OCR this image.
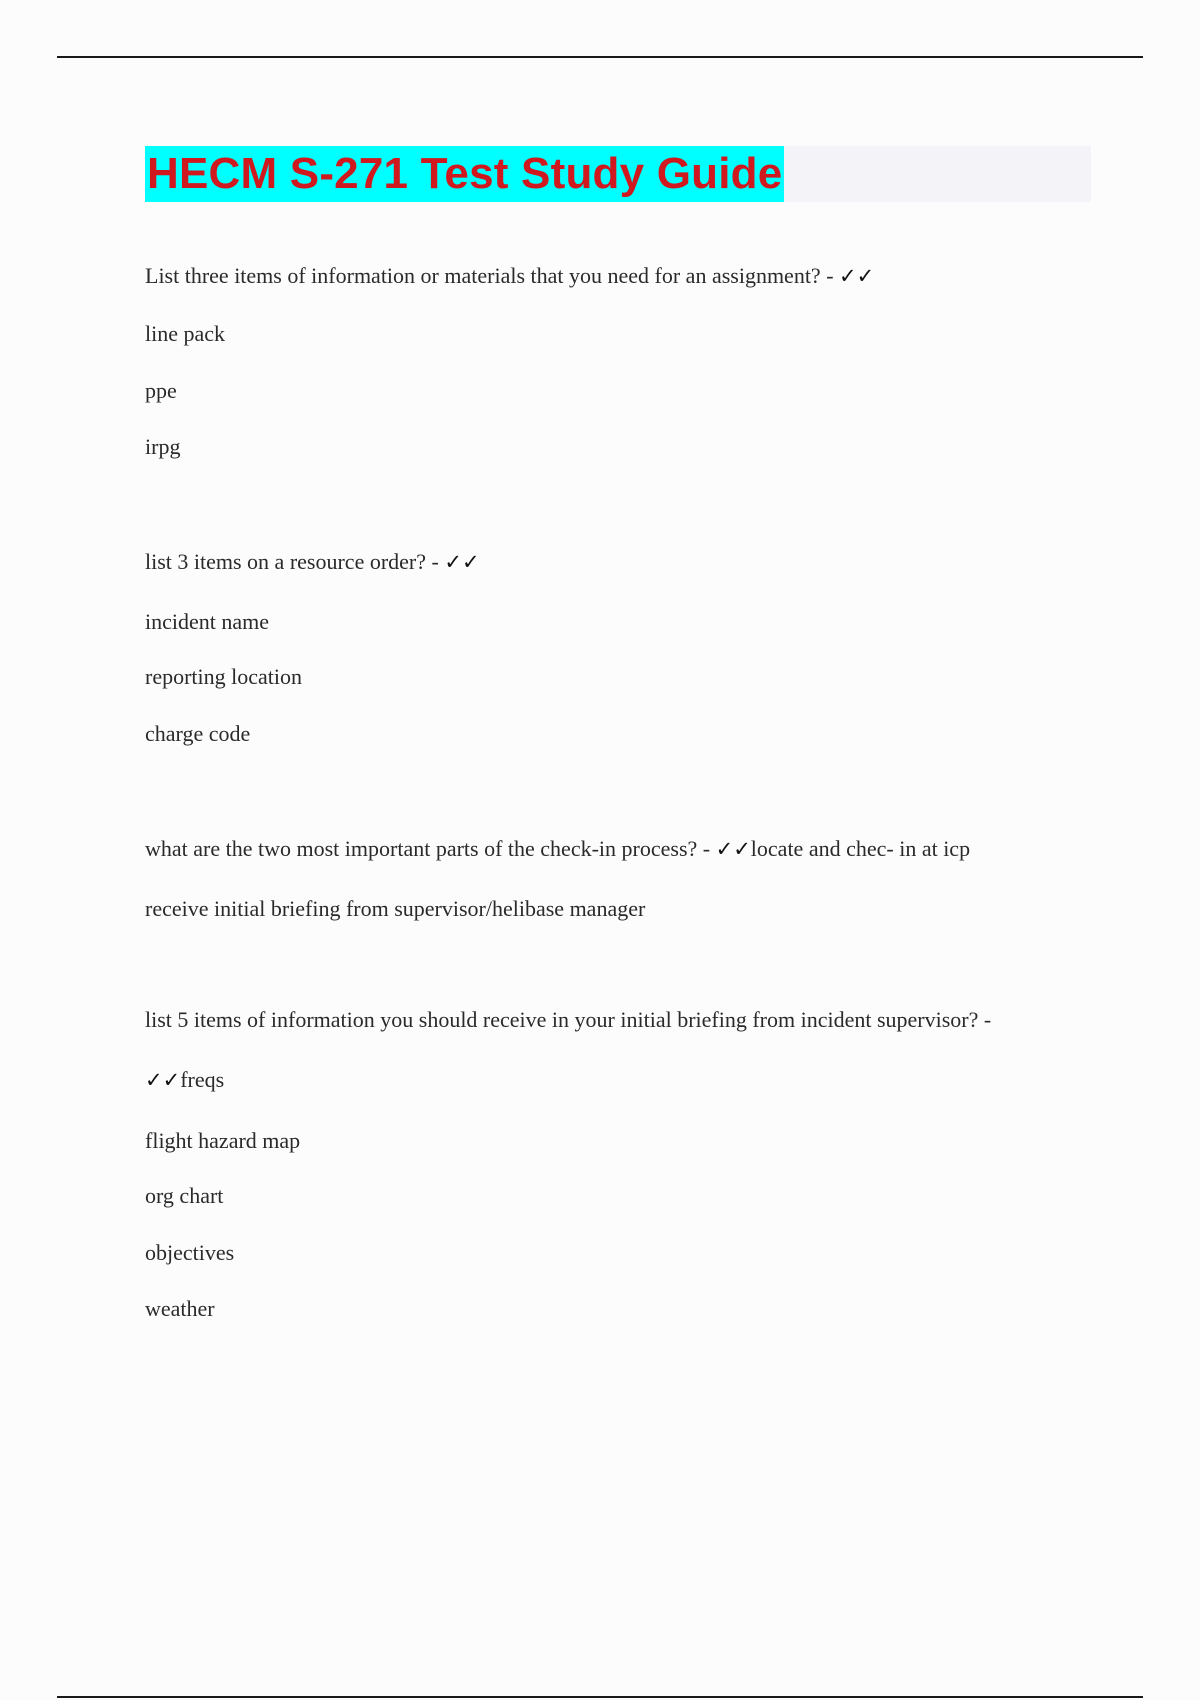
HECM S-271 Test Study Guide
List three items of information or materials that you need for an assignment? - ✓✓
line pack
ppe
irpg
list 3 items on a resource order? - ✓✓
incident name
reporting location
charge code
what are the two most important parts of the check-in process? - ✓✓locate and chec- in at icp
receive initial briefing from supervisor/helibase manager
list 5 items of information you should receive in your initial briefing from incident supervisor? -
✓✓freqs
flight hazard map
org chart
objectives
weather
